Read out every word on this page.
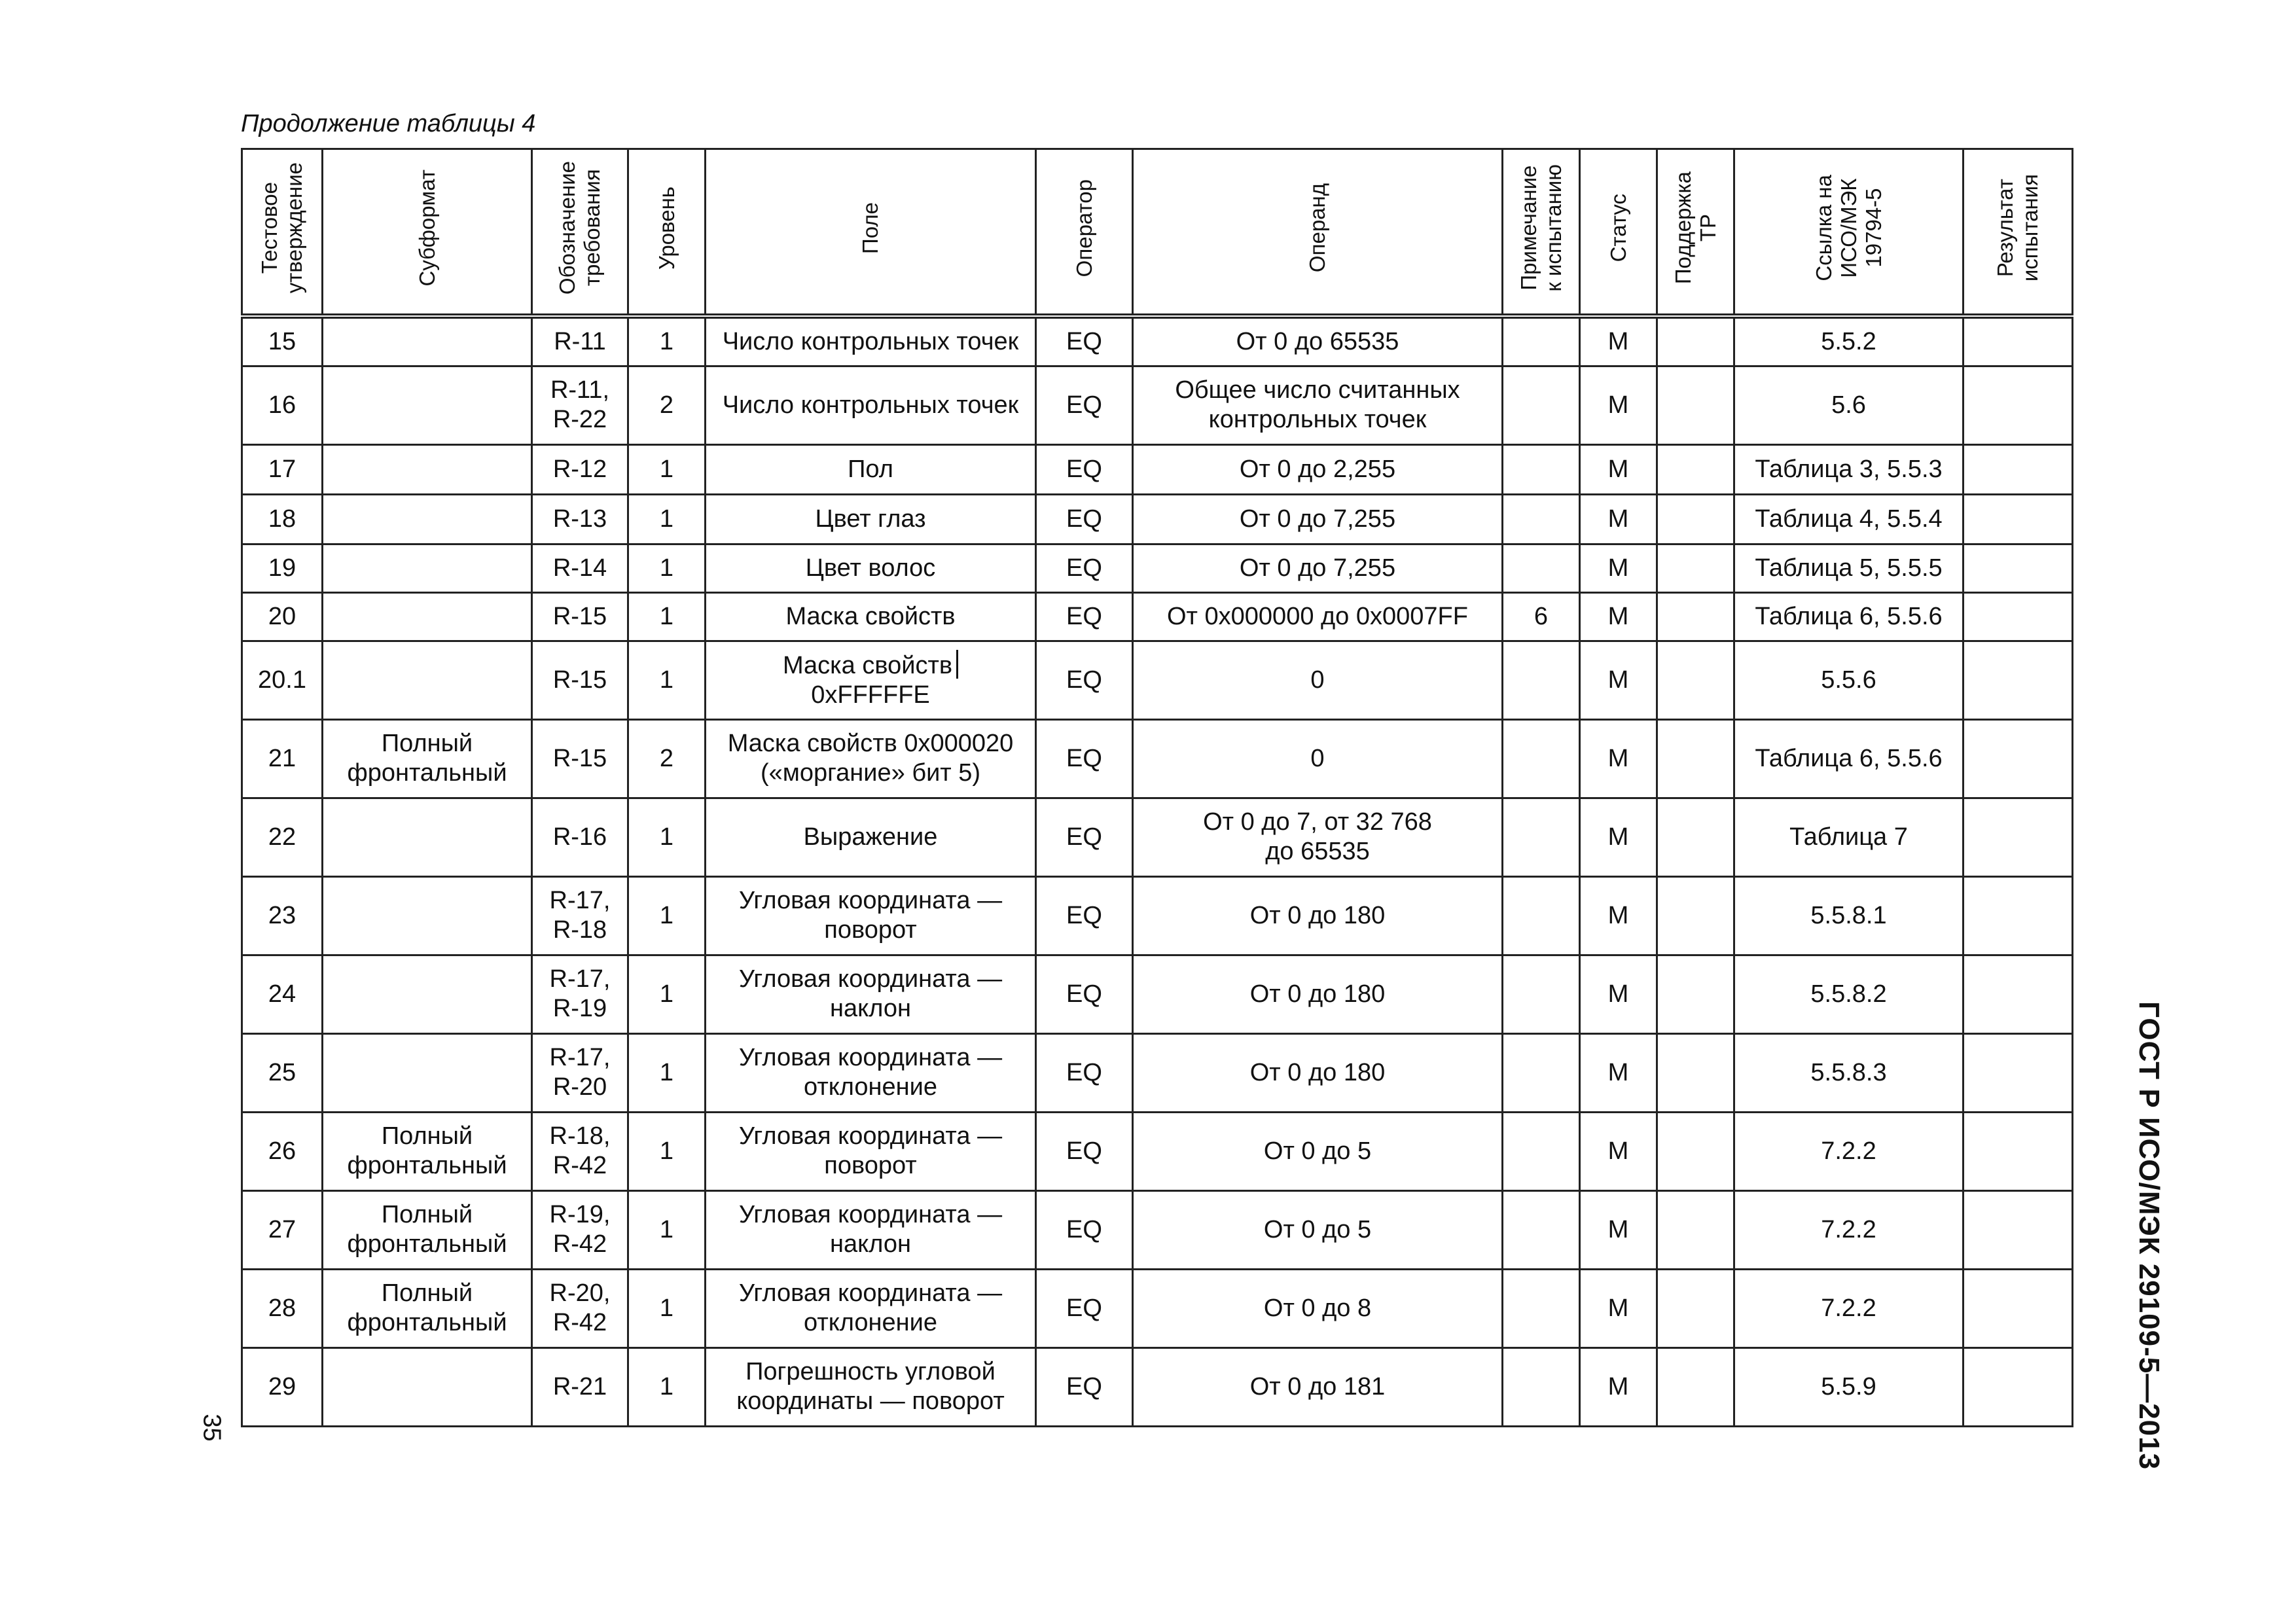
Продолжение таблицы 4
Тестовое утверждение	Субформат	Обозначение требования	Уровень	Поле	Оператор	Операнд	Примечание к испытанию	Статус	Поддержка ТР	Ссылка на ИСО/МЭК 19794-5	Результат испытания

15		R-11	1	Число контрольных точек	EQ	От 0 до 65535		M		5.5.2	

16		R-11,
R-22	2	Число контрольных точек	EQ	Общее число считанных
контрольных точек		M		5.6	

17		R-12	1	Пол	EQ	От 0 до 2,255		M		Таблица 3, 5.5.3	

18		R-13	1	Цвет глаз	EQ	От 0 до 7,255		M		Таблица 4, 5.5.4	

19		R-14	1	Цвет волос	EQ	От 0 до 7,255		M		Таблица 5, 5.5.5	

20		R-15	1	Маска свойств	EQ	От 0x000000 до 0x0007FF	6	M		Таблица 6, 5.5.6	

20.1		R-15	1	Маска свойств
0xFFFFFE	EQ	0		M		5.5.6	

21	Полный
фронтальный	R-15	2	Маска свойств 0x000020
(«моргание» бит 5)	EQ	0		M		Таблица 6, 5.5.6	

22		R-16	1	Выражение	EQ	От 0 до 7, от 32 768
до 65535		M		Таблица 7	

23		R-17,
R-18	1	Угловая координата —
поворот	EQ	От 0 до 180		M		5.5.8.1	

24		R-17,
R-19	1	Угловая координата —
наклон	EQ	От 0 до 180		M		5.5.8.2	

25		R-17,
R-20	1	Угловая координата —
отклонение	EQ	От 0 до 180		M		5.5.8.3	

26	Полный
фронтальный	R-18,
R-42	1	Угловая координата —
поворот	EQ	От 0 до 5		M		7.2.2	

27	Полный
фронтальный	R-19,
R-42	1	Угловая координата —
наклон	EQ	От 0 до 5		M		7.2.2	

28	Полный
фронтальный	R-20,
R-42	1	Угловая координата —
отклонение	EQ	От 0 до 8		M		7.2.2	

29		R-21	1	Погрешность угловой
координаты — поворот	EQ	От 0 до 181		M		5.5.9	

35	ГОСТ Р ИСО/МЭК 29109-5—2013
